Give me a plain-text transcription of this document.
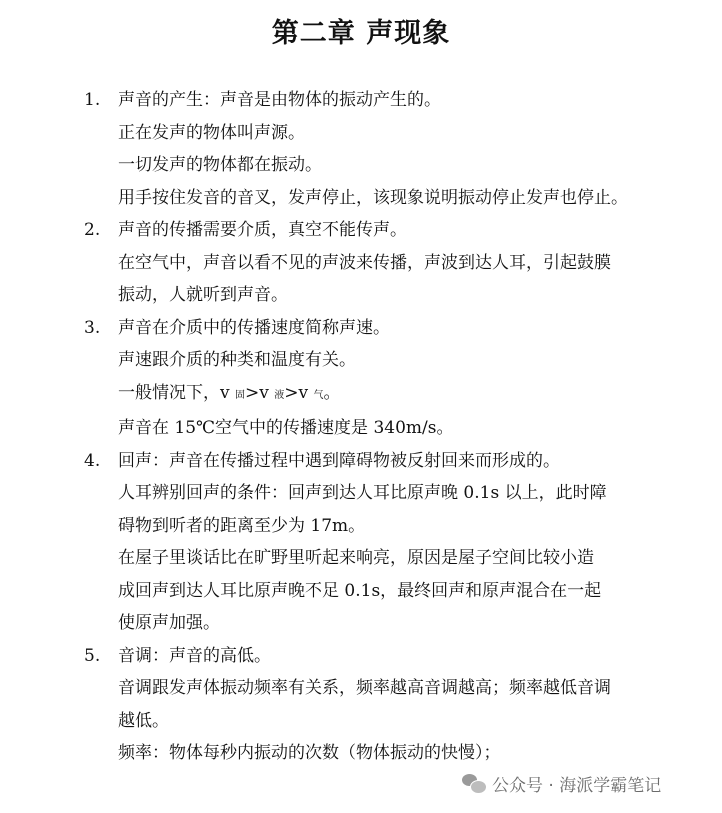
第二章 声现象
1.	声音的产生：声音是由物体的振动产生的。
正在发声的物体叫声源。
一切发声的物体都在振动。
用手按住发音的音叉，发声停止，该现象说明振动停止发声也停止。
2.	声音的传播需要介质，真空不能传声。
在空气中，声音以看不见的声波来传播，声波到达人耳，引起鼓膜
振动，人就听到声音。
3.	声音在介质中的传播速度简称声速。
声速跟介质的种类和温度有关。
一般情况下，v 固>v 液>v 气。
声音在 15℃空气中的传播速度是 340m/s。
4.	回声：声音在传播过程中遇到障碍物被反射回来而形成的。
人耳辨别回声的条件：回声到达人耳比原声晚 0.1s 以上，此时障
碍物到听者的距离至少为 17m。
在屋子里谈话比在旷野里听起来响亮，原因是屋子空间比较小造
成回声到达人耳比原声晚不足 0.1s，最终回声和原声混合在一起
使原声加强。
5.	音调：声音的高低。
音调跟发声体振动频率有关系，频率越高音调越高；频率越低音调
越低。
频率：物体每秒内振动的次数（物体振动的快慢）；
公众号 · 海派学霸笔记
